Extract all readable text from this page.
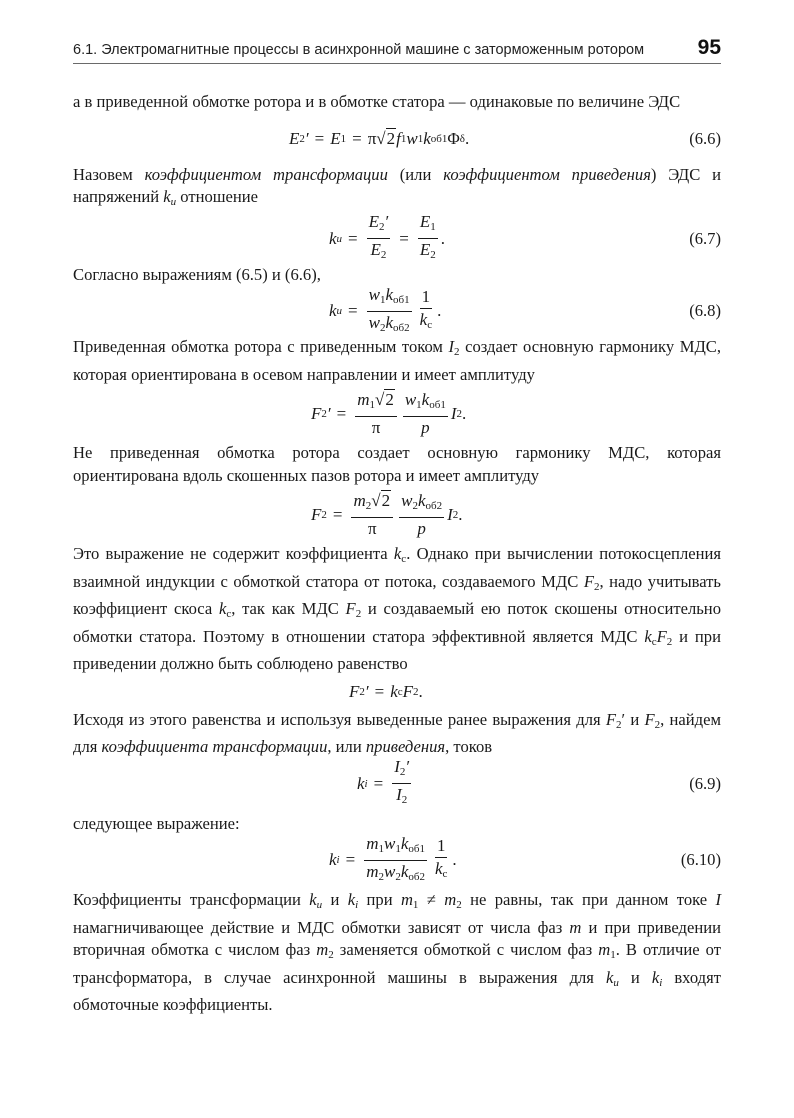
6.1. Электромагнитные процессы в асинхронной машине с заторможенным ротором	95

а в приведенной обмотке ротора и в обмотке статора — одинаковые по величине ЭДС

E 2 ′ = E 1 = π √2 f 1 w 1 k об1 Φ δ .	(6.6)

Назовем коэффициентом трансформации (или коэффициентом приведения) ЭДС и напряжений ku отношение

k $u = \frac{E_2'}{E_2} = \frac{E_1}{E_2}$ .	(6.7)

Согласно выражениям (6.5) и (6.6),

k $u = \frac{w_1k_{об1}}{w_2k_{об2}} \frac{1}{k_c}$ .	(6.8)

Приведенная обмотка ротора с приведенным током $I_2$ создает основную гармонику МДС, которая ориентирована в осевом направлении и имеет амплитуду

F 2 ′ = $\frac{m_1√2}{\pi} \frac{w_1k_{об1}}{p}$ I 2 .

Не приведенная обмотка ротора создает основную гармонику МДС, которая ориентирована вдоль скошенных пазов ротора и имеет амплитуду

F $2 = \frac{m_2√2}{\pi} \frac{w_2k_{об2}}{p}$ I 2 .

Это выражение не содержит коэффициента $k_c$. Однако при вычислении потокосцепления взаимной индукции с обмоткой статора от потока, создаваемого МДС $F_2$, надо учитывать коэффициент скоса $k_c$, так как МДС $F_2$ и создаваемый ею поток скошены относительно обмотки статора. Поэтому в отношении статора эффективной является МДС $k_cF_2$ и при приведении должно быть соблюдено равенство

F 2 ′ = k c F 2 .

Исходя из этого равенства и используя выведенные ранее выражения для $F_2'$ и $F_2$, найдем для коэффициента трансформации, или приведения, токов

k $i = \frac{I_2'}{I_2}$	(6.9)

следующее выражение:

k $i = \frac{m_1w_1k_{об1}}{m_2w_2k_{об2}} \frac{1}{k_c}$ .	(6.10)

Коэффициенты трансформации ku и ki при $m_1 \ne m_2$ не равны, так при данном токе I намагничивающее действие и МДС обмотки зависят от числа фаз m и при приведении вторичная обмотка с числом фаз $m_2$ заменяется обмоткой с числом фаз $m_1$. В отличие от трансформатора, в случае асинхронной машины в выражения для ku и ki входят обмоточные коэффициенты.
